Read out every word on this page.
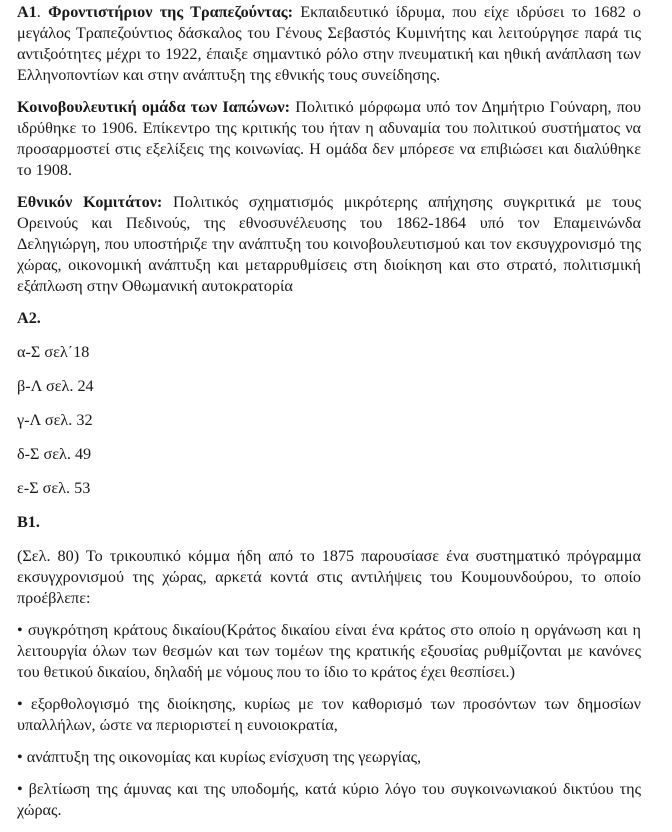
Α1. Φροντιστήριον της Τραπεζούντας: Εκπαιδευτικό ίδρυμα, που είχε ιδρύσει το 1682 ο μεγάλος Τραπεζούντιος δάσκαλος του Γένους Σεβαστός Κυμινήτης και λειτούργησε παρά τις αντιξοότητες μέχρι το 1922, έπαιξε σημαντικό ρόλο στην πνευματική και ηθική ανάπλαση των Ελληνοποντίων και στην ανάπτυξη της εθνικής τους συνείδησης.

Κοινοβουλευτική ομάδα των Ιαπώνων: Πολιτικό μόρφωμα υπό τον Δημήτριο Γούναρη, που ιδρύθηκε το 1906. Επίκεντρο της κριτικής του ήταν η αδυναμία του πολιτικού συστήματος να προσαρμοστεί στις εξελίξεις της κοινωνίας. Η ομάδα δεν μπόρεσε να επιβιώσει και διαλύθηκε το 1908.

Εθνικόν Κομιτάτον: Πολιτικός σχηματισμός μικρότερης απήχησης συγκριτικά με τους Ορεινούς και Πεδινούς, της εθνοσυνέλευσης του 1862-1864 υπό τον Επαμεινώνδα Δεληγιώργη, που υποστήριζε την ανάπτυξη του κοινοβουλευτισμού και τον εκσυγχρονισμό της χώρας, οικονομική ανάπτυξη και μεταρρυθμίσεις στη διοίκηση και στο στρατό, πολιτισμική εξάπλωση στην Οθωμανική αυτοκρατορία

Α2.

α-Σ σελ΄18

β-Λ σελ. 24

γ-Λ σελ. 32

δ-Σ σελ. 49

ε-Σ σελ. 53

Β1.

(Σελ. 80) Το τρικουπικό κόμμα ήδη από το 1875 παρουσίασε ένα συστηματικό πρόγραμμα εκσυγχρονισμού της χώρας, αρκετά κοντά στις αντιλήψεις του Κουμουνδούρου, το οποίο προέβλεπε:

• συγκρότηση κράτους δικαίου(Κράτος δικαίου είναι ένα κράτος στο οποίο η οργάνωση και η λειτουργία όλων των θεσμών και των τομέων της κρατικής εξουσίας ρυθμίζονται με κανόνες του θετικού δικαίου, δηλαδή με νόμους που το ίδιο το κράτος έχει θεσπίσει.)

• εξορθολογισμό της διοίκησης, κυρίως με τον καθορισμό των προσόντων των δημοσίων υπαλλήλων, ώστε να περιοριστεί η ευνοιοκρατία,

• ανάπτυξη της οικονομίας και κυρίως ενίσχυση της γεωργίας,

• βελτίωση της άμυνας και της υποδομής, κατά κύριο λόγο του συγκοινωνιακού δικτύου της χώρας.
